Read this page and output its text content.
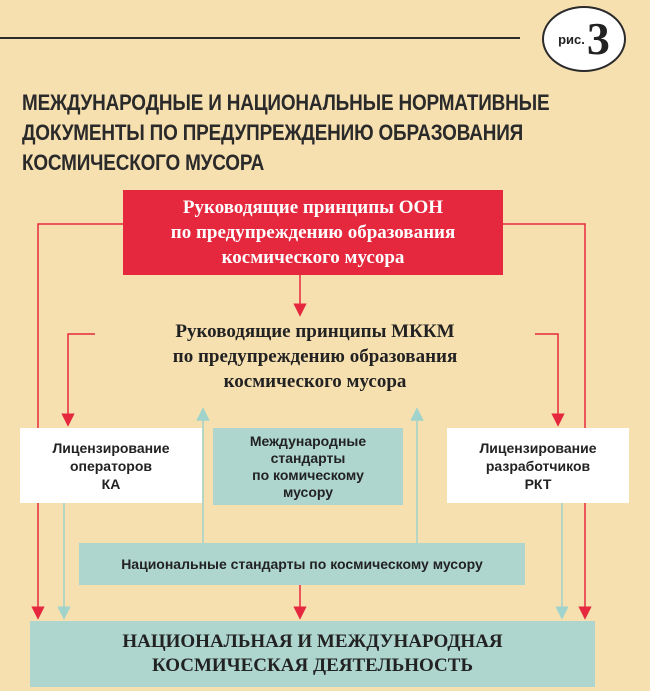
рис. 3
МЕЖДУНАРОДНЫЕ И НАЦИОНАЛЬНЫЕ НОРМАТИВНЫЕ
ДОКУМЕНТЫ ПО ПРЕДУПРЕЖДЕНИЮ ОБРАЗОВАНИЯ
КОСМИЧЕСКОГО МУСОРА
Руководящие принципы ООН
по предупреждению образования
космического мусора
Руководящие принципы МККМ
по предупреждению образования
космического мусора
Лицензирование
операторов
КА
Международные
стандарты
по комическому
мусору
Лицензирование
разработчиков
РКТ
Национальные стандарты по космическому мусору
НАЦИОНАЛЬНАЯ И МЕЖДУНАРОДНАЯ
КОСМИЧЕСКАЯ ДЕЯТЕЛЬНОСТЬ
